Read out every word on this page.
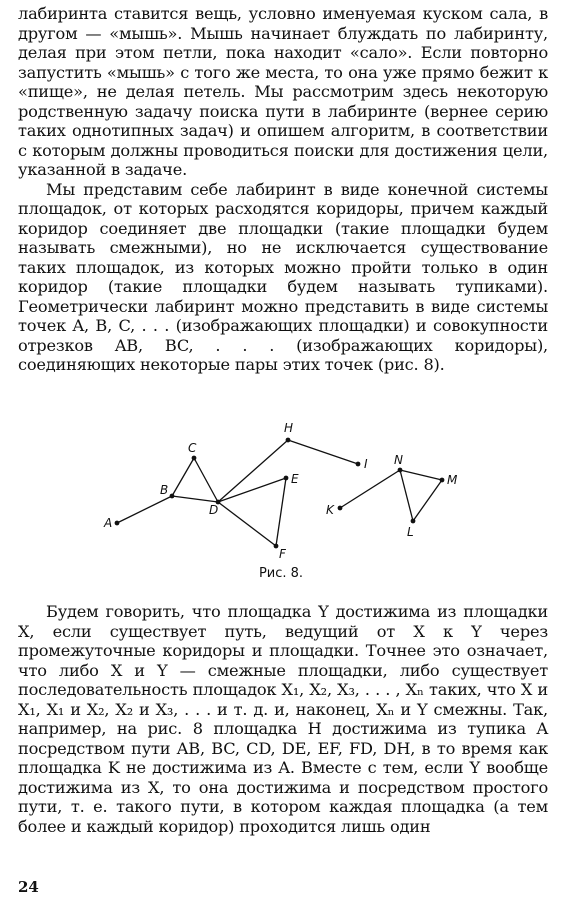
лабиринта ставится вещь, условно именуемая куском сала, в другом — «мышь». Мышь начинает блуждать по лабиринту, делая при этом петли, пока находит «сало». Если повторно запустить «мышь» с того же места, то она уже прямо бежит к «пище», не делая петель. Мы рассмотрим здесь некоторую родственную задачу поиска пути в лабиринте (вернее серию таких однотипных задач) и опишем алгоритм, в соответствии с которым должны проводиться поиски для достижения цели, указанной в задаче.

Мы представим себе лабиринт в виде конечной системы площадок, от которых расходятся коридоры, причем каждый коридор соединяет две площадки (такие площадки будем называть смежными), но не исключается существование таких площадок, из которых можно пройти только в один коридор (такие площадки будем называть тупиками). Геометрически лабиринт можно представить в виде системы точек A, B, C, . . . (изображающих площадки) и совокупности отрезков AB, BC, . . . (изображающих коридоры), соединяющих некоторые пары этих точек (рис. 8).

A
B
C
D
E
F
H
I
K
N
M
L
Рис. 8.

Будем говорить, что площадка Y достижима из площадки X, если существует путь, ведущий от X к Y через промежуточные коридоры и площадки. Точнее это означает, что либо X и Y — смежные площадки, либо существует последовательность площадок X₁, X₂, X₃, . . . , Xₙ таких, что X и X₁, X₁ и X₂, X₂ и X₃, . . . и т. д. и, наконец, Xₙ и Y смежны. Так, например, на рис. 8 площадка H достижима из тупика A посредством пути AB, BC, CD, DE, EF, FD, DH, в то время как площадка K не достижима из A. Вместе с тем, если Y вообще достижима из X, то она достижима и посредством простого пути, т. е. такого пути, в котором каждая площадка (а тем более и каждый коридор) проходится лишь один

24
